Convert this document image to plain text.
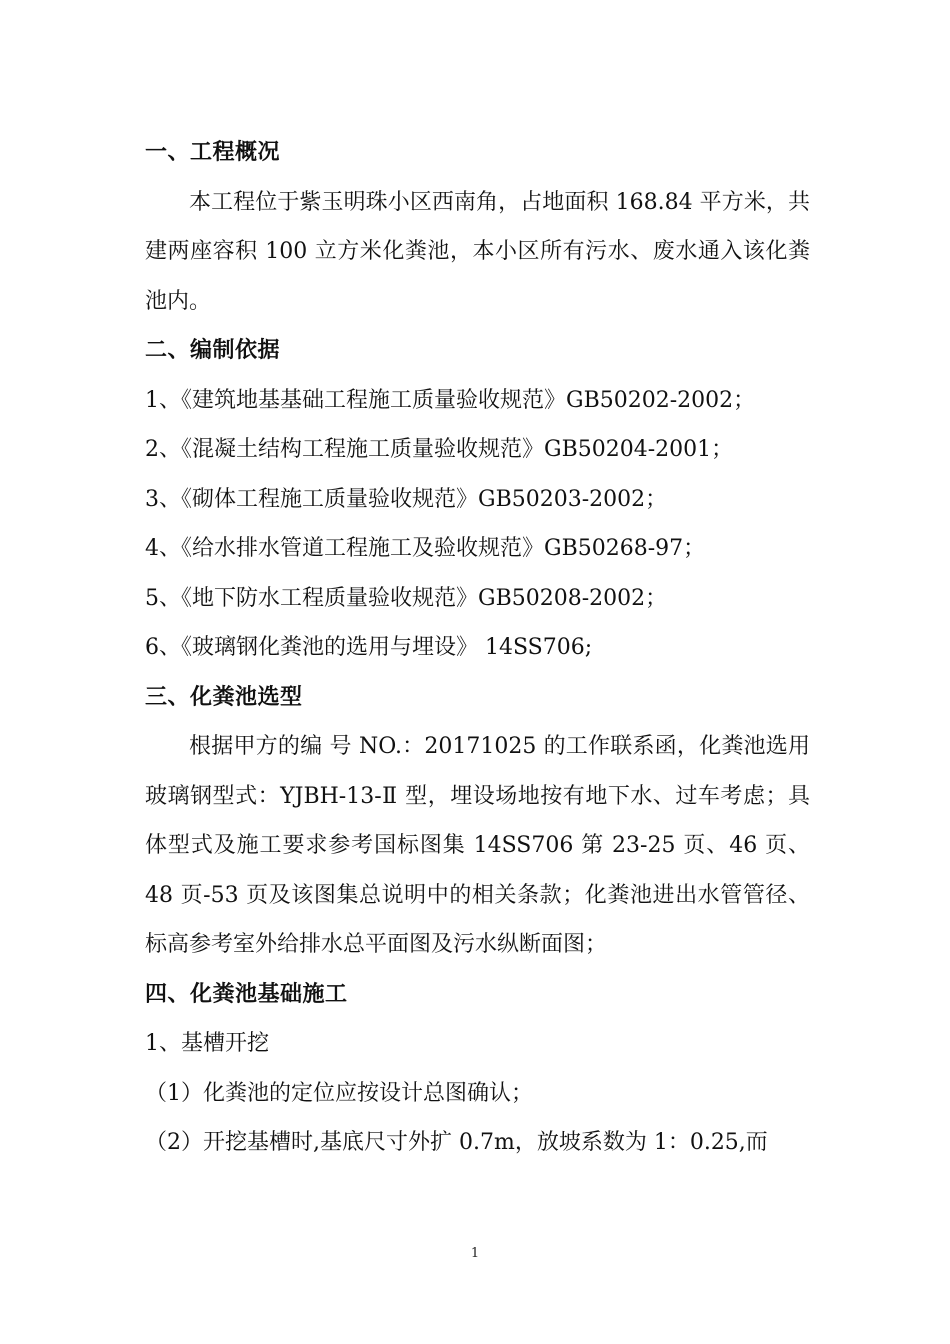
一、工程概况

本工程位于紫玉明珠小区西南角，占地面积 168.84 平方米，共建两座容积 100 立方米化粪池，本小区所有污水、废水通入该化粪池内。

二、编制依据

1、《建筑地基基础工程施工质量验收规范》GB50202-2002；

2、《混凝土结构工程施工质量验收规范》GB50204-2001；

3、《砌体工程施工质量验收规范》GB50203-2002；

4、《给水排水管道工程施工及验收规范》GB50268-97；

5、《地下防水工程质量验收规范》GB50208-2002；

6、《玻璃钢化粪池的选用与埋设》 14SS706;

三、化粪池选型

根据甲方的编 号 NO.：20171025 的工作联系函，化粪池选用玻璃钢型式：YJBH-13-Ⅱ 型，埋设场地按有地下水、过车考虑；具体型式及施工要求参考国标图集 14SS706 第 23-25 页、46 页、48 页-53 页及该图集总说明中的相关条款；化粪池进出水管管径、标高参考室外给排水总平面图及污水纵断面图；

四、化粪池基础施工

1、基槽开挖

（1）化粪池的定位应按设计总图确认；

（2）开挖基槽时,基底尺寸外扩 0.7m，放坡系数为 1：0.25,而

1
